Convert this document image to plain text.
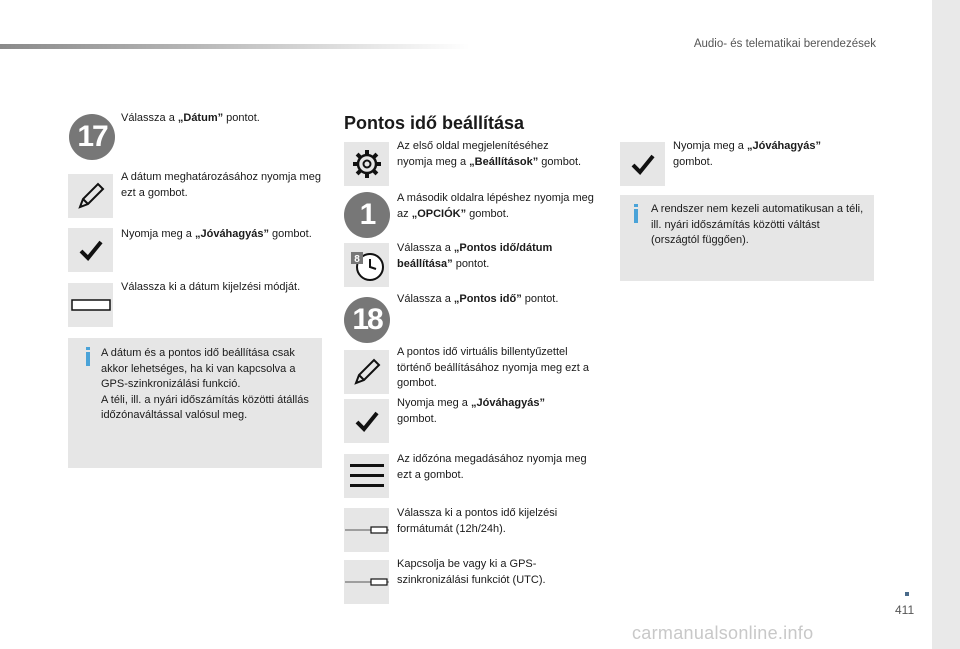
Audio- és telematikai berendezések
17
Válassza a „Dátum” pontot.
A dátum meghatározásához nyomja meg ezt a gombot.
Nyomja meg a „Jóváhagyás” gombot.
Válassza ki a dátum kijelzési módját.
A dátum és a pontos idő beállítása csak akkor lehetséges, ha ki van kapcsolva a GPS-szinkronizálási funkció.
A téli, ill. a nyári időszámítás közötti átállás időzónaváltással valósul meg.
Pontos idő beállítása
Az első oldal megjelenítéséhez nyomja meg a „Beállítások” gombot.
1	A második oldalra lépéshez nyomja meg az „OPCIÓK” gombot.
8
Válassza a „Pontos idő/dátum beállítása” pontot.
18
Válassza a „Pontos idő” pontot.
A pontos idő virtuális billentyűzettel történő beállításához nyomja meg ezt a gombot.
Nyomja meg a „Jóváhagyás” gombot.
Az időzóna megadásához nyomja meg ezt a gombot.
Válassza ki a pontos idő kijelzési formátumát (12h/24h).
Kapcsolja be vagy ki a GPS-szinkronizálási funkciót (UTC).
Nyomja meg a „Jóváhagyás” gombot.
A rendszer nem kezeli automatikusan a téli, ill. nyári időszámítás közötti váltást (országtól függően).
411
carmanualsonline.info
